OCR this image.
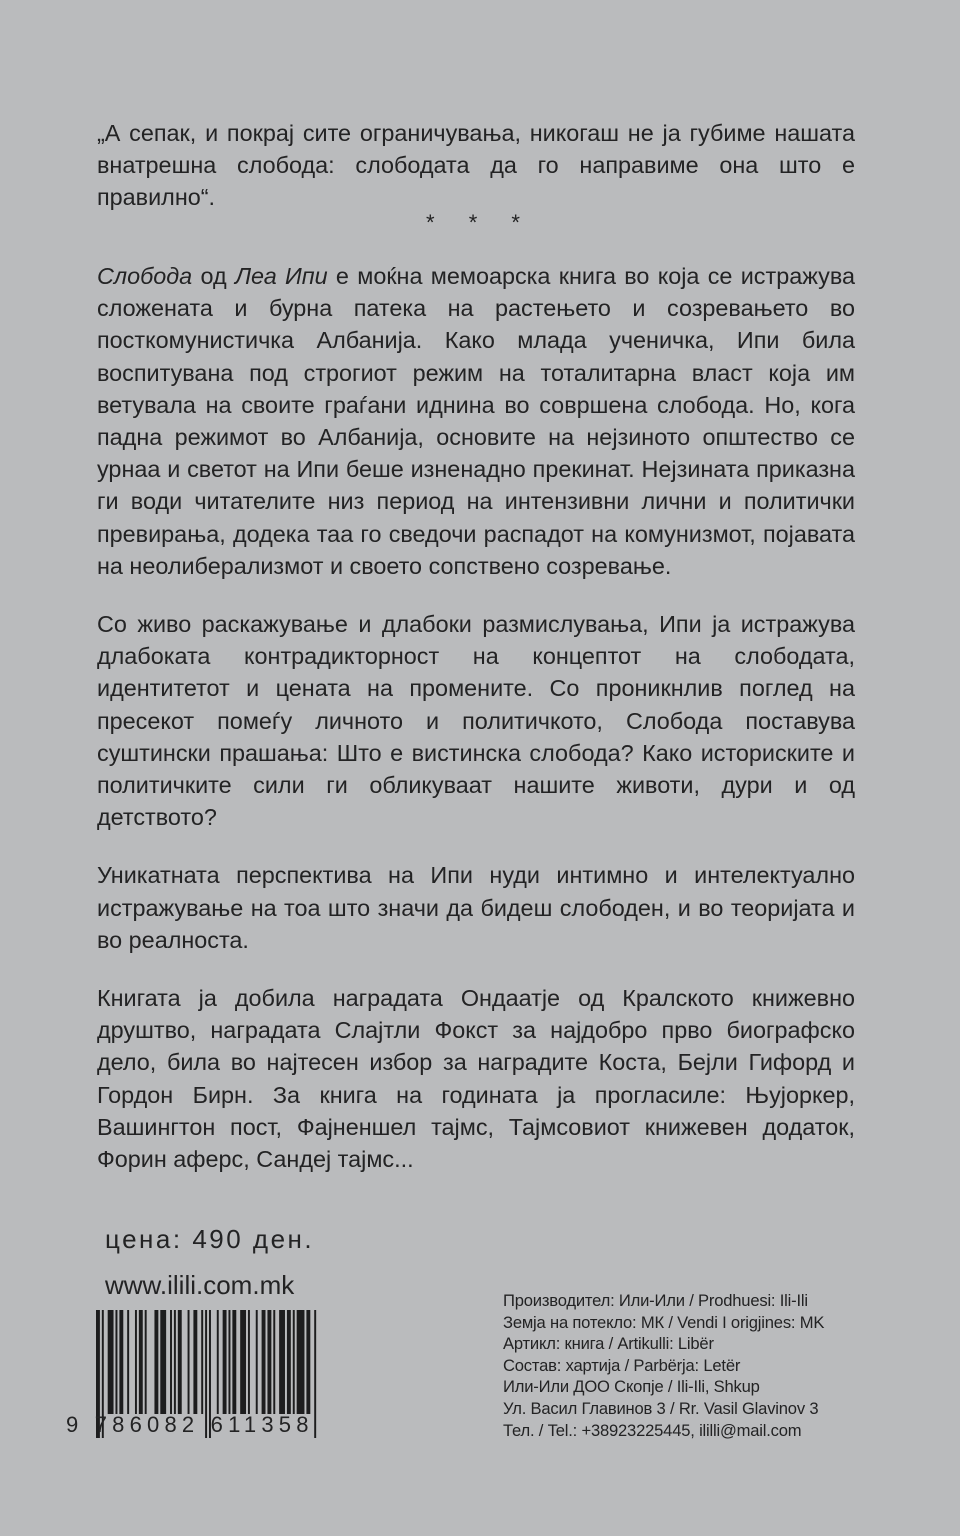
„А сепак, и покрај сите ограничувања, никогаш не ја губиме нашата внатрешна слобода: слободата да го направиме она што е правилно“.

* * *

Слобода од Леа Ипи е моќна мемоарска книга во која се истражува сложената и бурна патека на растењето и созревањето во посткомунистичка Албанија. Како млада ученичка, Ипи била воспитувана под строгиот режим на тоталитарна власт која им ветувала на своите граѓани иднина во совршена слобода. Но, кога падна режимот во Албанија, основите на нејзиното општество се урнаа и светот на Ипи беше изненадно прекинат. Нејзината приказна ги води читателите низ период на интензивни лични и политички превирања, додека таа го сведочи распадот на комунизмот, појавата на неолиберализмот и своето сопствено созревање.

Со живо раскажување и длабоки размислувања, Ипи ја истражува длабоката контрадикторност на концептот на слободата, идентитетот и цената на промените. Со проникнлив поглед на пресекот помеѓу личното и политичкото, Слобода поставува суштински прашања: Што е вистинска слобода? Како историските и политичките сили ги обликуваат нашите животи, дури и од детството?

Уникатната перспектива на Ипи нуди интимно и интелектуално истражување на тоа што значи да бидеш слободен, и во теоријата и во реалноста.

Книгата ја добила наградата Ондаатје од Кралското книжевно друштво, наградата Слајтли Фокст за најдобро прво биографско дело, била во најтесен избор за наградите Коста, Бејли Гифорд и Гордон Бирн. За книга на годината ја прогласиле: Њујоркер, Вашингтон пост, Фајненшел тајмс, Тајмсовиот книжевен додаток, Форин аферс, Сандеј тајмс...

цена: 490 ден.
www.ilili.com.mk
9 786082 611358
Производител: Или-Или / Prodhuesi: Ili-Ili
Земја на потекло: МК / Vendi I origjines: MK
Артикл: книга / Artikulli: Libër
Состав: хартија / Parbërja: Letër
Или-Или ДОО Скопје / Ili-Ili, Shkup
Ул. Васил Главинов 3 / Rr. Vasil Glavinov 3
Тел. / Tel.: +38923225445, ililli@mail.com
